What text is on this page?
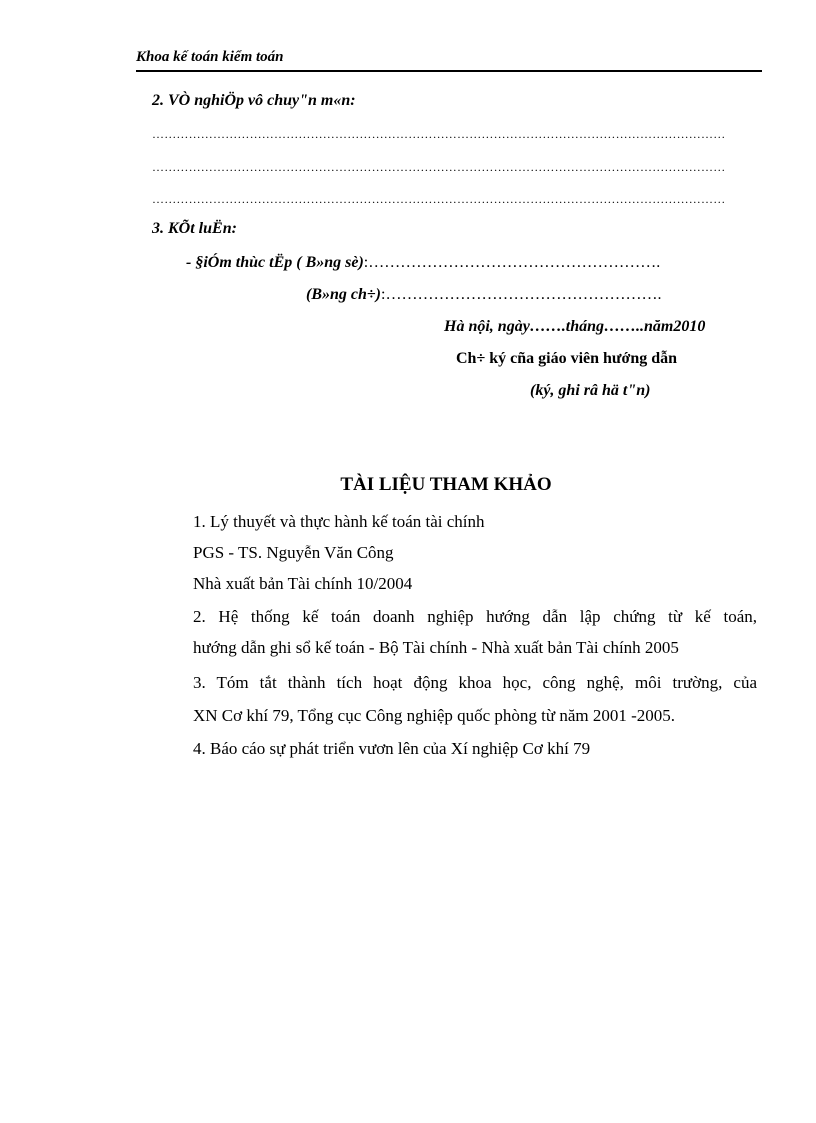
Khoa kế toán kiểm toán
2. VÒ nghiÖp vô chuy"n m«n:
……………………………………………………………………………………………………………………………
……………………………………………………………………………………………………………………………
……………………………………………………………………………………………………………………………
3. KÕt luËn:
- §iÓm thùc tËp ( B»ng sè):……………………………………………….
(B»ng ch÷):…………………………………………….
Hà nội, ngày…….tháng……..năm2010
Ch÷ ký cña giáo viên hướng dẫn
(ký, ghi râ hä t"n)
TÀI LIỆU THAM KHẢO
1. Lý thuyết và thực hành kế toán tài chính
PGS - TS. Nguyễn Văn Công
Nhà xuất bản Tài chính 10/2004
2. Hệ thống kế toán doanh nghiệp hướng dẫn lập chứng từ kế toán,
hướng dẫn ghi sổ kế toán - Bộ Tài chính - Nhà xuất bản Tài chính 2005
3. Tóm tắt thành tích hoạt động khoa học, công nghệ, môi trường, của
XN Cơ khí 79, Tổng cục Công nghiệp quốc phòng từ năm 2001 -2005.
4. Báo cáo sự phát triển vươn lên của Xí nghiệp Cơ khí 79
